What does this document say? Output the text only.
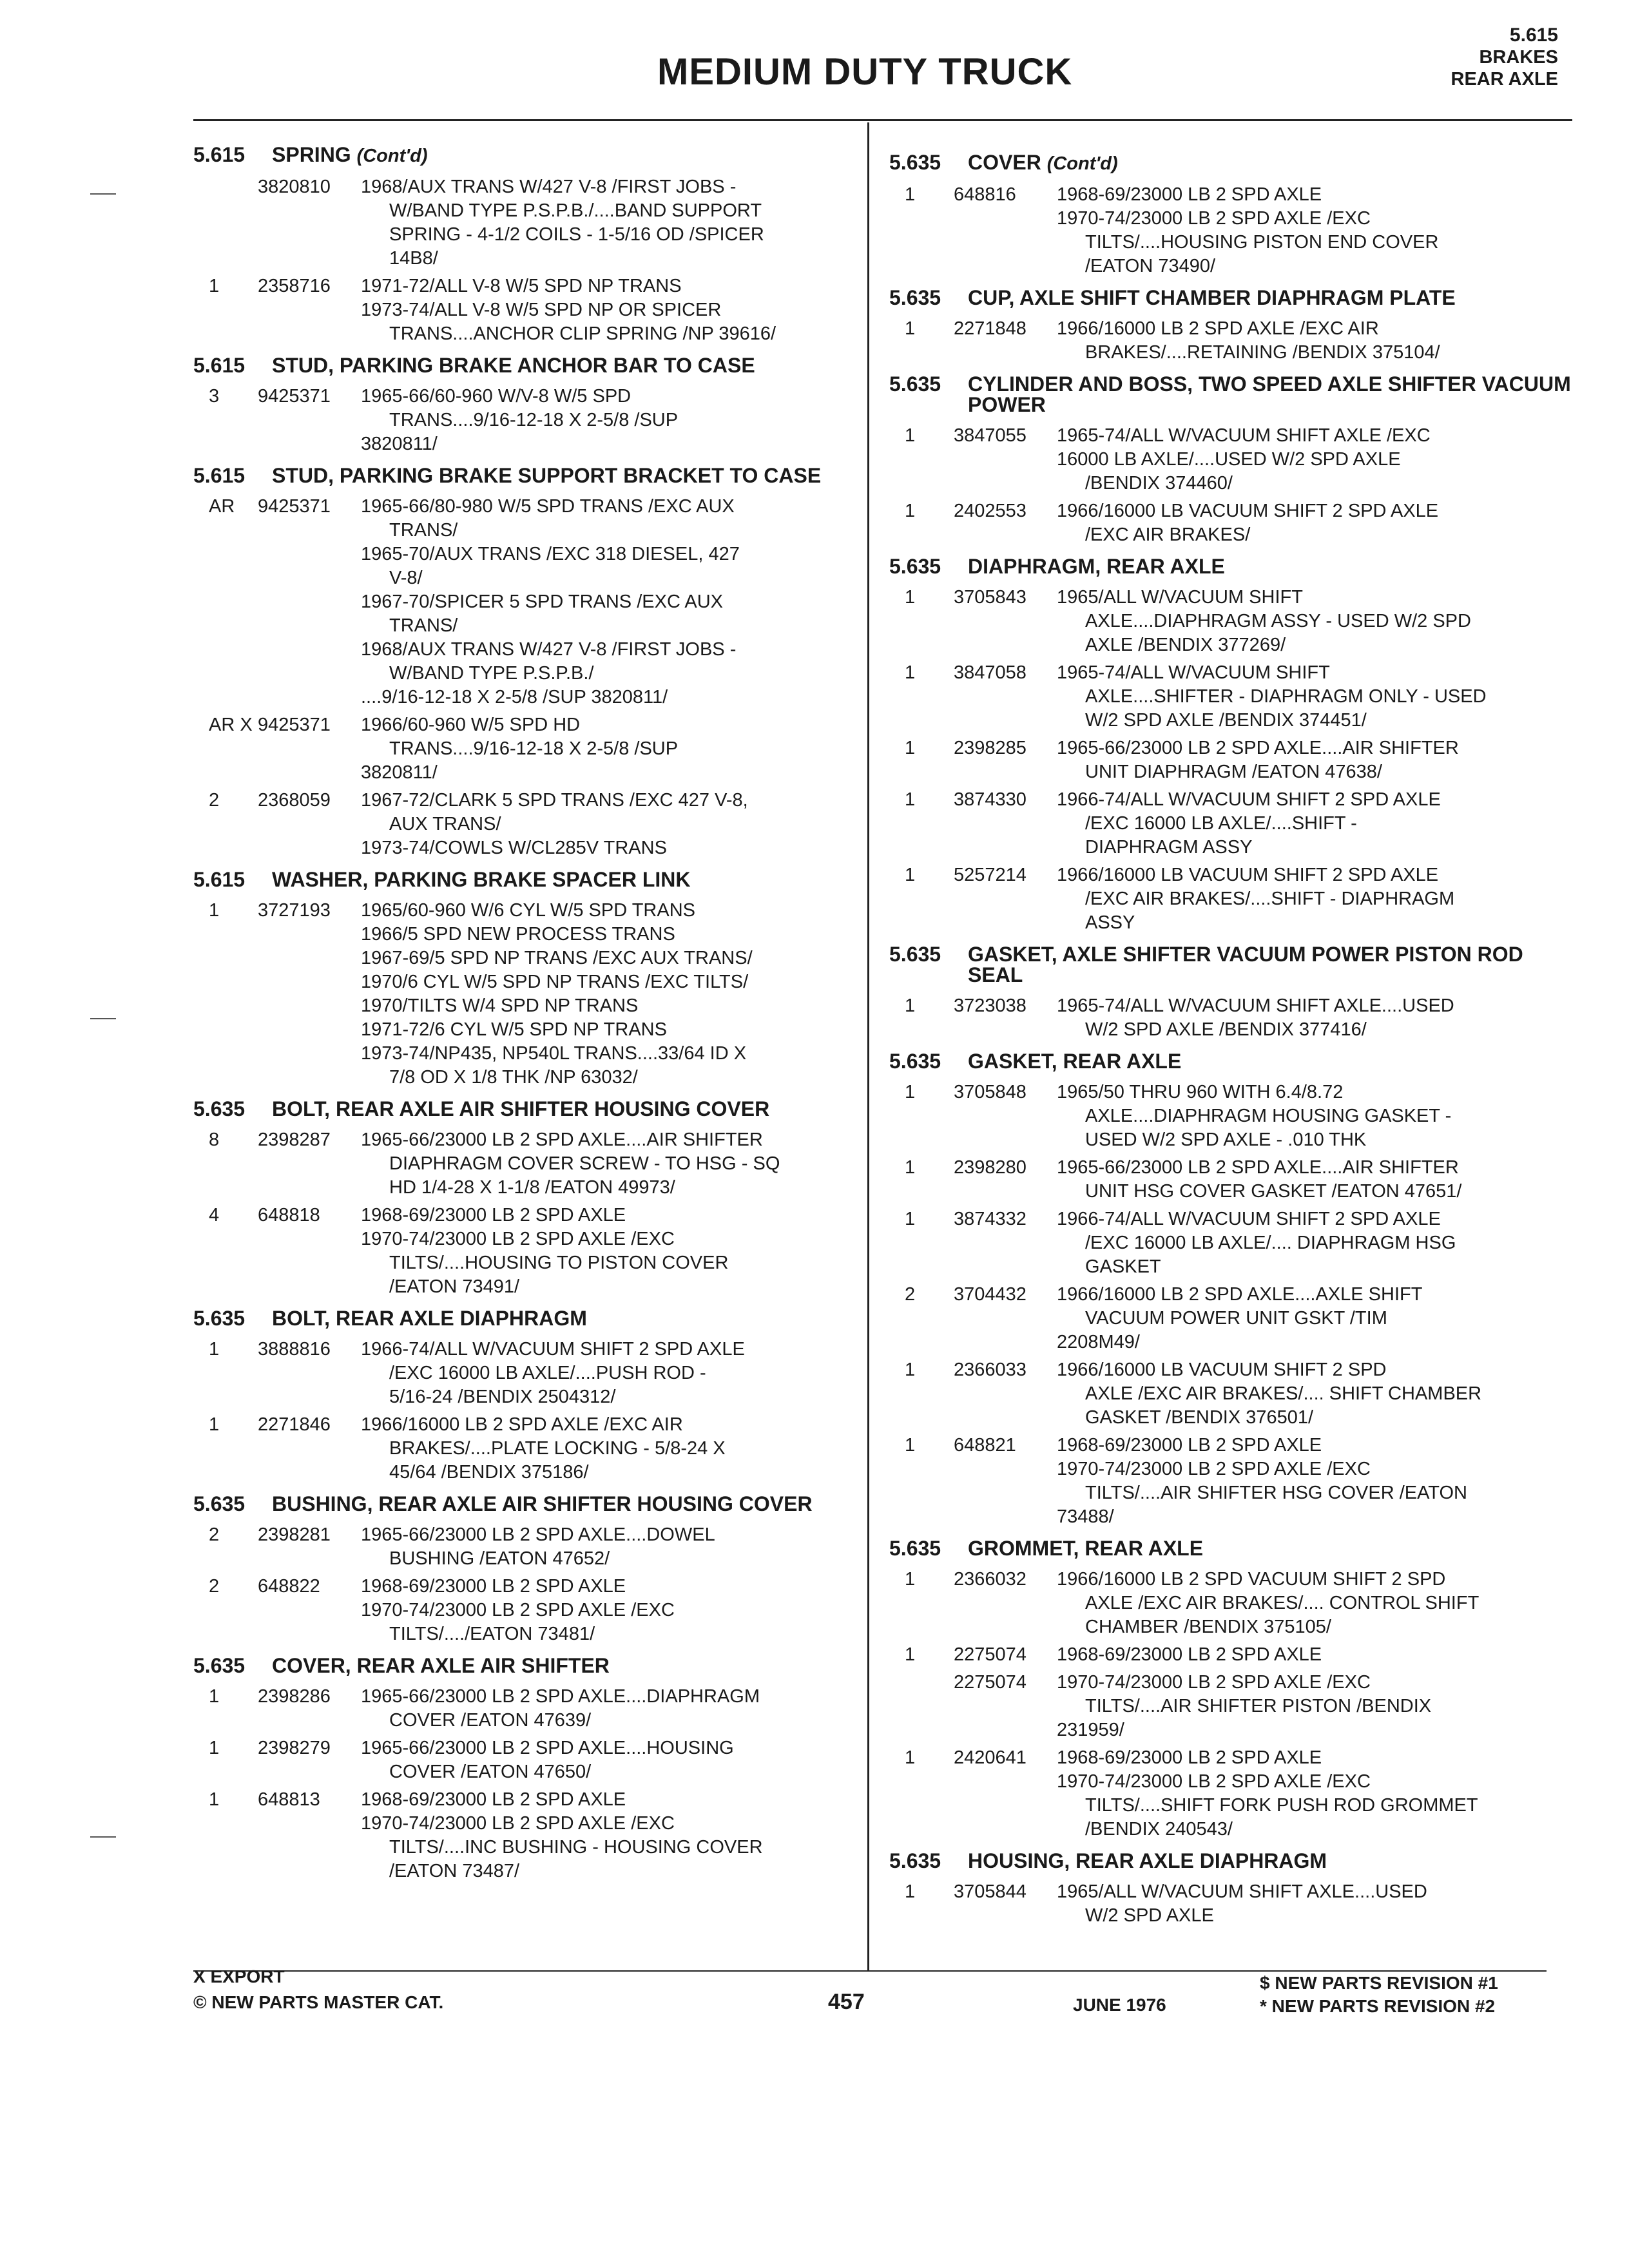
MEDIUM DUTY TRUCK
5.615
BRAKES
REAR AXLE
5.615	SPRING (Cont'd)
3820810	1968/AUX TRANS W/427 V-8 /FIRST JOBS -
W/BAND TYPE P.S.P.B./....BAND SUPPORT
SPRING - 4-1/2 COILS - 1-5/16 OD /SPICER
14B8/
1	2358716	1971-72/ALL V-8 W/5 SPD NP TRANS
1973-74/ALL V-8 W/5 SPD NP OR SPICER
TRANS....ANCHOR CLIP SPRING /NP 39616/
5.615	STUD, PARKING BRAKE ANCHOR BAR TO CASE
3	9425371	1965-66/60-960 W/V-8 W/5 SPD
TRANS....9/16-12-18 X 2-5/8 /SUP
3820811/
5.615	STUD, PARKING BRAKE SUPPORT BRACKET TO CASE
AR	9425371	1965-66/80-980 W/5 SPD TRANS /EXC AUX
TRANS/
1965-70/AUX TRANS /EXC 318 DIESEL, 427
V-8/
1967-70/SPICER 5 SPD TRANS /EXC AUX
TRANS/
1968/AUX TRANS W/427 V-8 /FIRST JOBS -
W/BAND TYPE P.S.P.B./
....9/16-12-18 X 2-5/8 /SUP 3820811/
AR X 9425371	1966/60-960 W/5 SPD HD
TRANS....9/16-12-18 X 2-5/8 /SUP
3820811/
2	2368059	1967-72/CLARK 5 SPD TRANS /EXC 427 V-8,
AUX TRANS/
1973-74/COWLS W/CL285V TRANS
5.615	WASHER, PARKING BRAKE SPACER LINK
1	3727193	1965/60-960 W/6 CYL W/5 SPD TRANS
1966/5 SPD NEW PROCESS TRANS
1967-69/5 SPD NP TRANS /EXC AUX TRANS/
1970/6 CYL W/5 SPD NP TRANS /EXC TILTS/
1970/TILTS W/4 SPD NP TRANS
1971-72/6 CYL W/5 SPD NP TRANS
1973-74/NP435, NP540L TRANS....33/64 ID X
7/8 OD X 1/8 THK /NP 63032/
5.635	BOLT, REAR AXLE AIR SHIFTER HOUSING COVER
8	2398287	1965-66/23000 LB 2 SPD AXLE....AIR SHIFTER
DIAPHRAGM COVER SCREW - TO HSG - SQ
HD 1/4-28 X 1-1/8 /EATON 49973/
4	648818	1968-69/23000 LB 2 SPD AXLE
1970-74/23000 LB 2 SPD AXLE /EXC
TILTS/....HOUSING TO PISTON COVER
/EATON 73491/
5.635	BOLT, REAR AXLE DIAPHRAGM
1	3888816	1966-74/ALL W/VACUUM SHIFT 2 SPD AXLE
/EXC 16000 LB AXLE/....PUSH ROD -
5/16-24 /BENDIX 2504312/
1	2271846	1966/16000 LB 2 SPD AXLE /EXC AIR
BRAKES/....PLATE LOCKING - 5/8-24 X
45/64 /BENDIX 375186/
5.635	BUSHING, REAR AXLE AIR SHIFTER HOUSING COVER
2	2398281	1965-66/23000 LB 2 SPD AXLE....DOWEL
BUSHING /EATON 47652/
2	648822	1968-69/23000 LB 2 SPD AXLE
1970-74/23000 LB 2 SPD AXLE /EXC
TILTS/..../EATON 73481/
5.635	COVER, REAR AXLE AIR SHIFTER
1	2398286	1965-66/23000 LB 2 SPD AXLE....DIAPHRAGM
COVER /EATON 47639/
1	2398279	1965-66/23000 LB 2 SPD AXLE....HOUSING
COVER /EATON 47650/
1	648813	1968-69/23000 LB 2 SPD AXLE
1970-74/23000 LB 2 SPD AXLE /EXC
TILTS/....INC BUSHING - HOUSING COVER
/EATON 73487/
5.635	COVER (Cont'd)
1	648816	1968-69/23000 LB 2 SPD AXLE
1970-74/23000 LB 2 SPD AXLE /EXC
TILTS/....HOUSING PISTON END COVER
/EATON 73490/
5.635	CUP, AXLE SHIFT CHAMBER DIAPHRAGM PLATE
1	2271848	1966/16000 LB 2 SPD AXLE /EXC AIR
BRAKES/....RETAINING /BENDIX 375104/
5.635	CYLINDER AND BOSS, TWO SPEED AXLE SHIFTER VACUUM POWER
1	3847055	1965-74/ALL W/VACUUM SHIFT AXLE /EXC
16000 LB AXLE/....USED W/2 SPD AXLE
/BENDIX 374460/
1	2402553	1966/16000 LB VACUUM SHIFT 2 SPD AXLE
/EXC AIR BRAKES/
5.635	DIAPHRAGM, REAR AXLE
1	3705843	1965/ALL W/VACUUM SHIFT
AXLE....DIAPHRAGM ASSY - USED W/2 SPD
AXLE /BENDIX 377269/
1	3847058	1965-74/ALL W/VACUUM SHIFT
AXLE....SHIFTER - DIAPHRAGM ONLY - USED
W/2 SPD AXLE /BENDIX 374451/
1	2398285	1965-66/23000 LB 2 SPD AXLE....AIR SHIFTER
UNIT DIAPHRAGM /EATON 47638/
1	3874330	1966-74/ALL W/VACUUM SHIFT 2 SPD AXLE
/EXC 16000 LB AXLE/....SHIFT -
DIAPHRAGM ASSY
1	5257214	1966/16000 LB VACUUM SHIFT 2 SPD AXLE
/EXC AIR BRAKES/....SHIFT - DIAPHRAGM
ASSY
5.635	GASKET, AXLE SHIFTER VACUUM POWER PISTON ROD SEAL
1	3723038	1965-74/ALL W/VACUUM SHIFT AXLE....USED
W/2 SPD AXLE /BENDIX 377416/
5.635	GASKET, REAR AXLE
1	3705848	1965/50 THRU 960 WITH 6.4/8.72
AXLE....DIAPHRAGM HOUSING GASKET -
USED W/2 SPD AXLE - .010 THK
1	2398280	1965-66/23000 LB 2 SPD AXLE....AIR SHIFTER
UNIT HSG COVER GASKET /EATON 47651/
1	3874332	1966-74/ALL W/VACUUM SHIFT 2 SPD AXLE
/EXC 16000 LB AXLE/.... DIAPHRAGM HSG
GASKET
2	3704432	1966/16000 LB 2 SPD AXLE....AXLE SHIFT
VACUUM POWER UNIT GSKT /TIM
2208M49/
1	2366033	1966/16000 LB VACUUM SHIFT 2 SPD
AXLE /EXC AIR BRAKES/.... SHIFT CHAMBER
GASKET /BENDIX 376501/
1	648821	1968-69/23000 LB 2 SPD AXLE
1970-74/23000 LB 2 SPD AXLE /EXC
TILTS/....AIR SHIFTER HSG COVER /EATON
73488/
5.635	GROMMET, REAR AXLE
1	2366032	1966/16000 LB 2 SPD VACUUM SHIFT 2 SPD
AXLE /EXC AIR BRAKES/.... CONTROL SHIFT
CHAMBER /BENDIX 375105/
1	2275074	1968-69/23000 LB 2 SPD AXLE
2275074	1970-74/23000 LB 2 SPD AXLE /EXC
TILTS/....AIR SHIFTER PISTON /BENDIX
231959/
1	2420641	1968-69/23000 LB 2 SPD AXLE
1970-74/23000 LB 2 SPD AXLE /EXC
TILTS/....SHIFT FORK PUSH ROD GROMMET
/BENDIX 240543/
5.635	HOUSING, REAR AXLE DIAPHRAGM
1	3705844	1965/ALL W/VACUUM SHIFT AXLE....USED
W/2 SPD AXLE
X EXPORT
© NEW PARTS MASTER CAT.	457	JUNE 1976
$ NEW PARTS REVISION #1
* NEW PARTS REVISION #2
